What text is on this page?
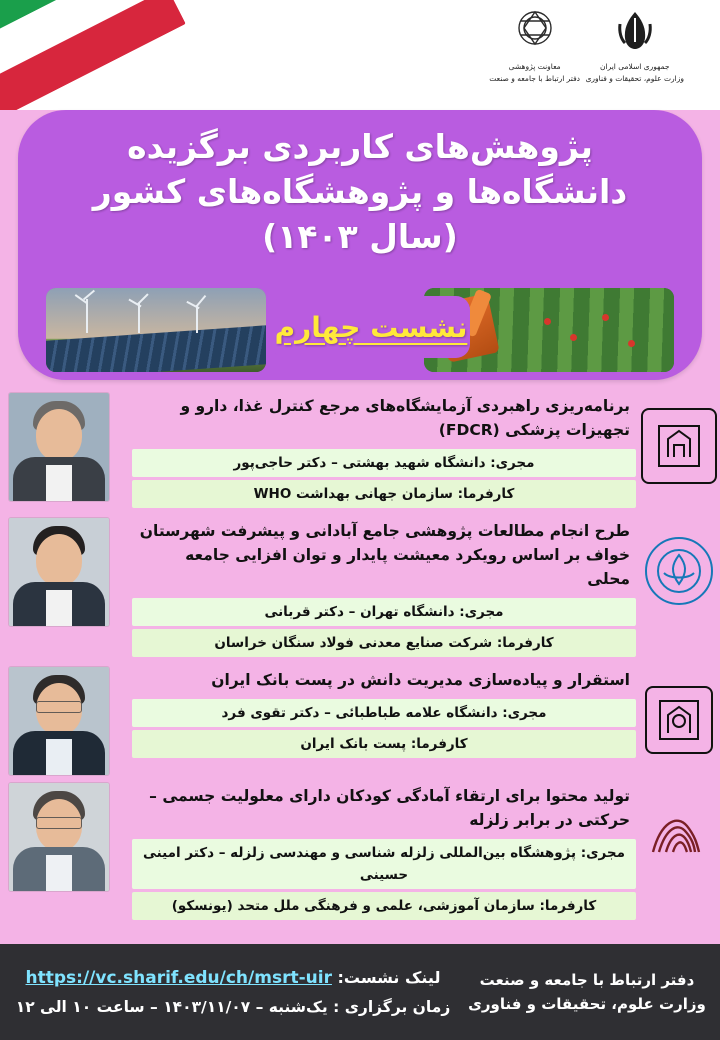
جمهوری اسلامی ایران
وزارت علوم، تحقیقات و فناوری
معاونت پژوهشی
دفتر ارتباط با جامعه و صنعت
پژوهش‌های کاربردی برگزیده
دانشگاه‌ها و پژوهشگاه‌های کشور
(سال ۱۴۰۳)
نشست چهارم
برنامه‌ریزی راهبردی آزمایشگاه‌های مرجع کنترل غذا، دارو و تجهیزات پزشکی (FDCR)
مجری: دانشگاه شهید بهشتی – دکتر حاجی‌پور
کارفرما: سازمان جهانی بهداشت WHO
طرح انجام مطالعات پژوهشی جامع آبادانی و پیشرفت شهرستان خواف بر اساس رویکرد معیشت پایدار و توان افزایی جامعه محلی
مجری: دانشگاه تهران – دکتر قربانی
کارفرما: شرکت صنایع معدنی فولاد سنگان خراسان
استقرار و پیاده‌سازی مدیریت دانش در پست بانک ایران
مجری: دانشگاه علامه طباطبائی – دکتر تقوی فرد
کارفرما: پست بانک ایران
تولید محتوا برای ارتقاء آمادگی کودکان دارای معلولیت جسمی – حرکتی در برابر زلزله
مجری: پژوهشگاه بین‌المللی زلزله شناسی و مهندسی زلزله – دکتر امینی حسینی
کارفرما: سازمان آموزشی، علمی و فرهنگی ملل متحد (یونسکو)
لینک نشست: https://vc.sharif.edu/ch/msrt-uir
زمان برگزاری : یک‌شنبه – ۱۴۰۳/۱۱/۰۷ – ساعت ۱۰ الی ۱۲
دفتر ارتباط با جامعه و صنعت
وزارت علوم، تحقیقات و فناوری
